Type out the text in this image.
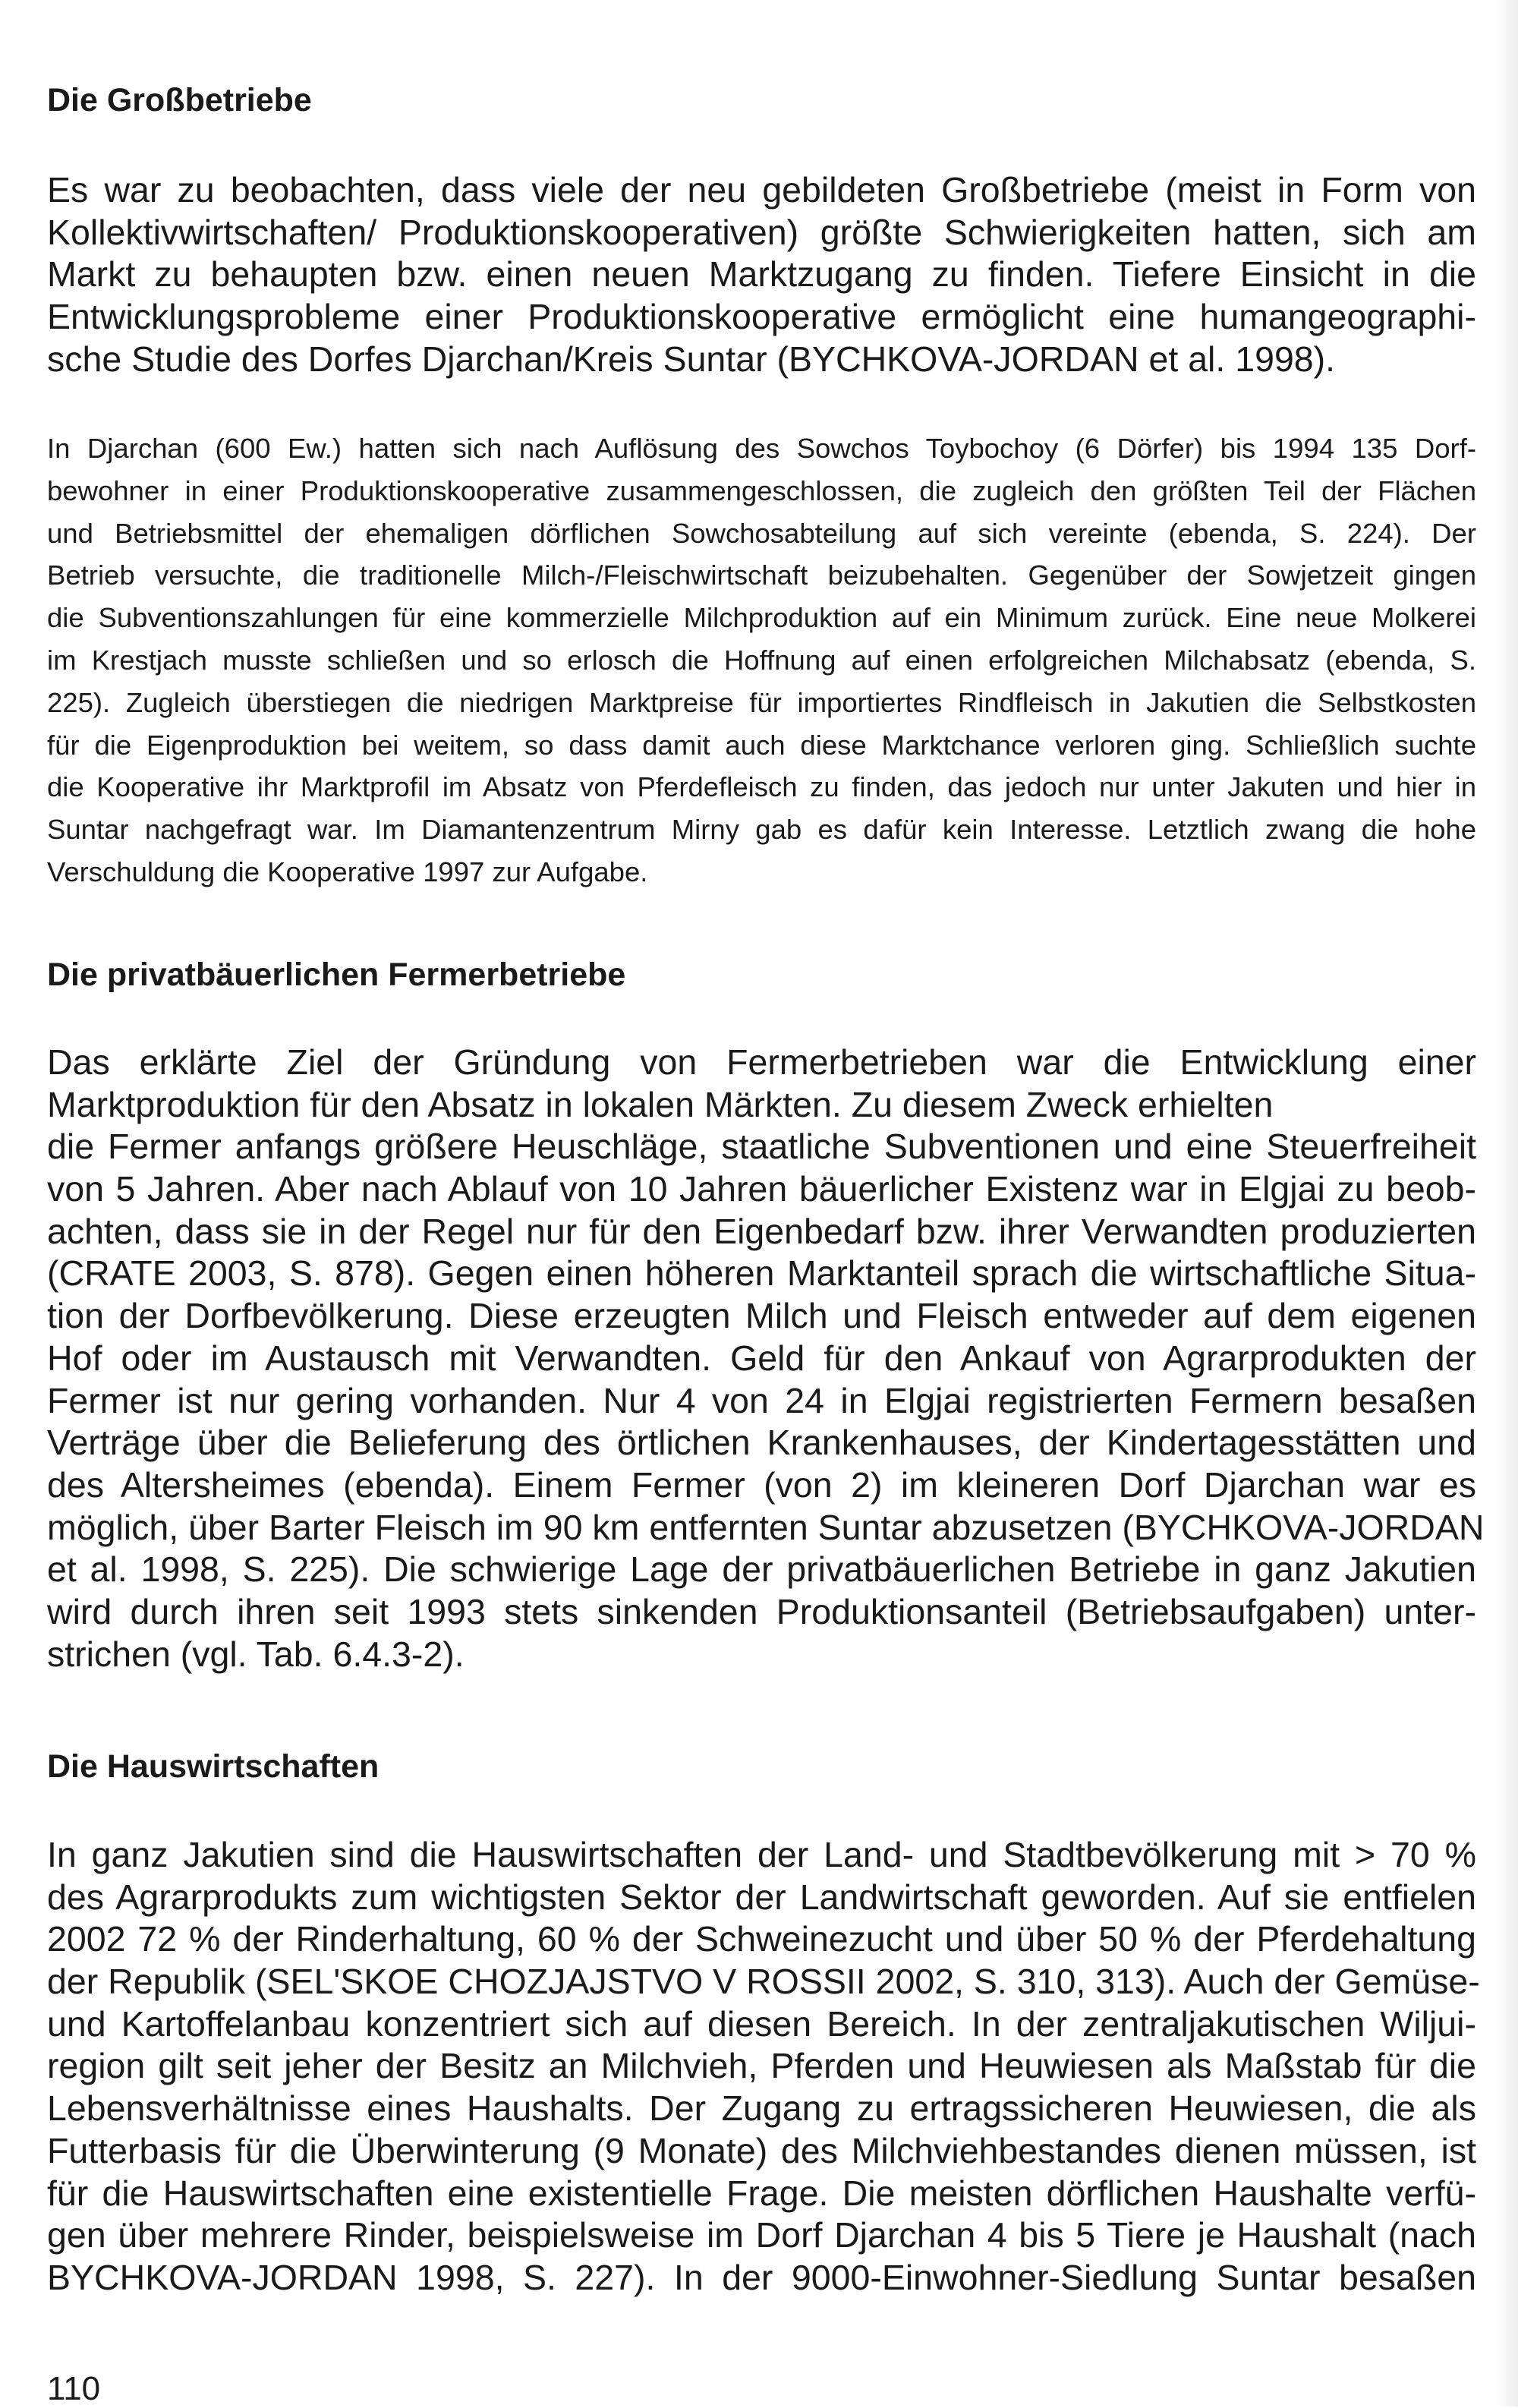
Die Großbetriebe
Es war zu beobachten, dass viele der neu gebildeten Großbetriebe (meist in Form von
Kollektivwirtschaften/ Produktionskooperativen) größte Schwierigkeiten hatten, sich am
Markt zu behaupten bzw. einen neuen Marktzugang zu finden. Tiefere Einsicht in die
Entwicklungsprobleme einer Produktionskooperative ermöglicht eine humangeographi-
sche Studie des Dorfes Djarchan/Kreis Suntar (BYCHKOVA-JORDAN et al. 1998).
In Djarchan (600 Ew.) hatten sich nach Auflösung des Sowchos Toybochoy (6 Dörfer) bis 1994 135 Dorf-
bewohner in einer Produktionskooperative zusammengeschlossen, die zugleich den größten Teil der Flächen
und Betriebsmittel der ehemaligen dörflichen Sowchosabteilung auf sich vereinte (ebenda, S. 224). Der
Betrieb versuchte, die traditionelle Milch-/Fleischwirtschaft beizubehalten. Gegenüber der Sowjetzeit gingen
die Subventionszahlungen für eine kommerzielle Milchproduktion auf ein Minimum zurück. Eine neue Molkerei
im Krestjach musste schließen und so erlosch die Hoffnung auf einen erfolgreichen Milchabsatz (ebenda, S.
225). Zugleich überstiegen die niedrigen Marktpreise für importiertes Rindfleisch in Jakutien die Selbstkosten
für die Eigenproduktion bei weitem, so dass damit auch diese Marktchance verloren ging. Schließlich suchte
die Kooperative ihr Marktprofil im Absatz von Pferdefleisch zu finden, das jedoch nur unter Jakuten und hier in
Suntar nachgefragt war. Im Diamantenzentrum Mirny gab es dafür kein Interesse. Letztlich zwang die hohe
Verschuldung die Kooperative 1997 zur Aufgabe.
Die privatbäuerlichen Fermerbetriebe
Das erklärte Ziel der Gründung von Fermerbetrieben war die Entwicklung einer
Marktproduktion für den Absatz in lokalen Märkten. Zu diesem Zweck erhielten
die Fermer anfangs größere Heuschläge, staatliche Subventionen und eine Steuerfreiheit
von 5 Jahren. Aber nach Ablauf von 10 Jahren bäuerlicher Existenz war in Elgjai zu beob-
achten, dass sie in der Regel nur für den Eigenbedarf bzw. ihrer Verwandten produzierten
(CRATE 2003, S. 878). Gegen einen höheren Marktanteil sprach die wirtschaftliche Situa-
tion der Dorfbevölkerung. Diese erzeugten Milch und Fleisch entweder auf dem eigenen
Hof oder im Austausch mit Verwandten. Geld für den Ankauf von Agrarprodukten der
Fermer ist nur gering vorhanden. Nur 4 von 24 in Elgjai registrierten Fermern besaßen
Verträge über die Belieferung des örtlichen Krankenhauses, der Kindertagesstätten und
des Altersheimes (ebenda). Einem Fermer (von 2) im kleineren Dorf Djarchan war es
möglich, über Barter Fleisch im 90 km entfernten Suntar abzusetzen (BYCHKOVA-JORDAN
et al. 1998, S. 225). Die schwierige Lage der privatbäuerlichen Betriebe in ganz Jakutien
wird durch ihren seit 1993 stets sinkenden Produktionsanteil (Betriebsaufgaben) unter-
strichen (vgl. Tab. 6.4.3-2).
Die Hauswirtschaften
In ganz Jakutien sind die Hauswirtschaften der Land- und Stadtbevölkerung mit > 70 %
des Agrarprodukts zum wichtigsten Sektor der Landwirtschaft geworden. Auf sie entfielen
2002 72 % der Rinderhaltung, 60 % der Schweinezucht und über 50 % der Pferdehaltung
der Republik (SEL'SKOE CHOZJAJSTVO V ROSSII 2002, S. 310, 313). Auch der Gemüse-
und Kartoffelanbau konzentriert sich auf diesen Bereich. In der zentraljakutischen Wiljui-
region gilt seit jeher der Besitz an Milchvieh, Pferden und Heuwiesen als Maßstab für die
Lebensverhältnisse eines Haushalts. Der Zugang zu ertragssicheren Heuwiesen, die als
Futterbasis für die Überwinterung (9 Monate) des Milchviehbestandes dienen müssen, ist
für die Hauswirtschaften eine existentielle Frage. Die meisten dörflichen Haushalte verfü-
gen über mehrere Rinder, beispielsweise im Dorf Djarchan 4 bis 5 Tiere je Haushalt (nach
BYCHKOVA-JORDAN 1998, S. 227). In der 9000-Einwohner-Siedlung Suntar besaßen
110
